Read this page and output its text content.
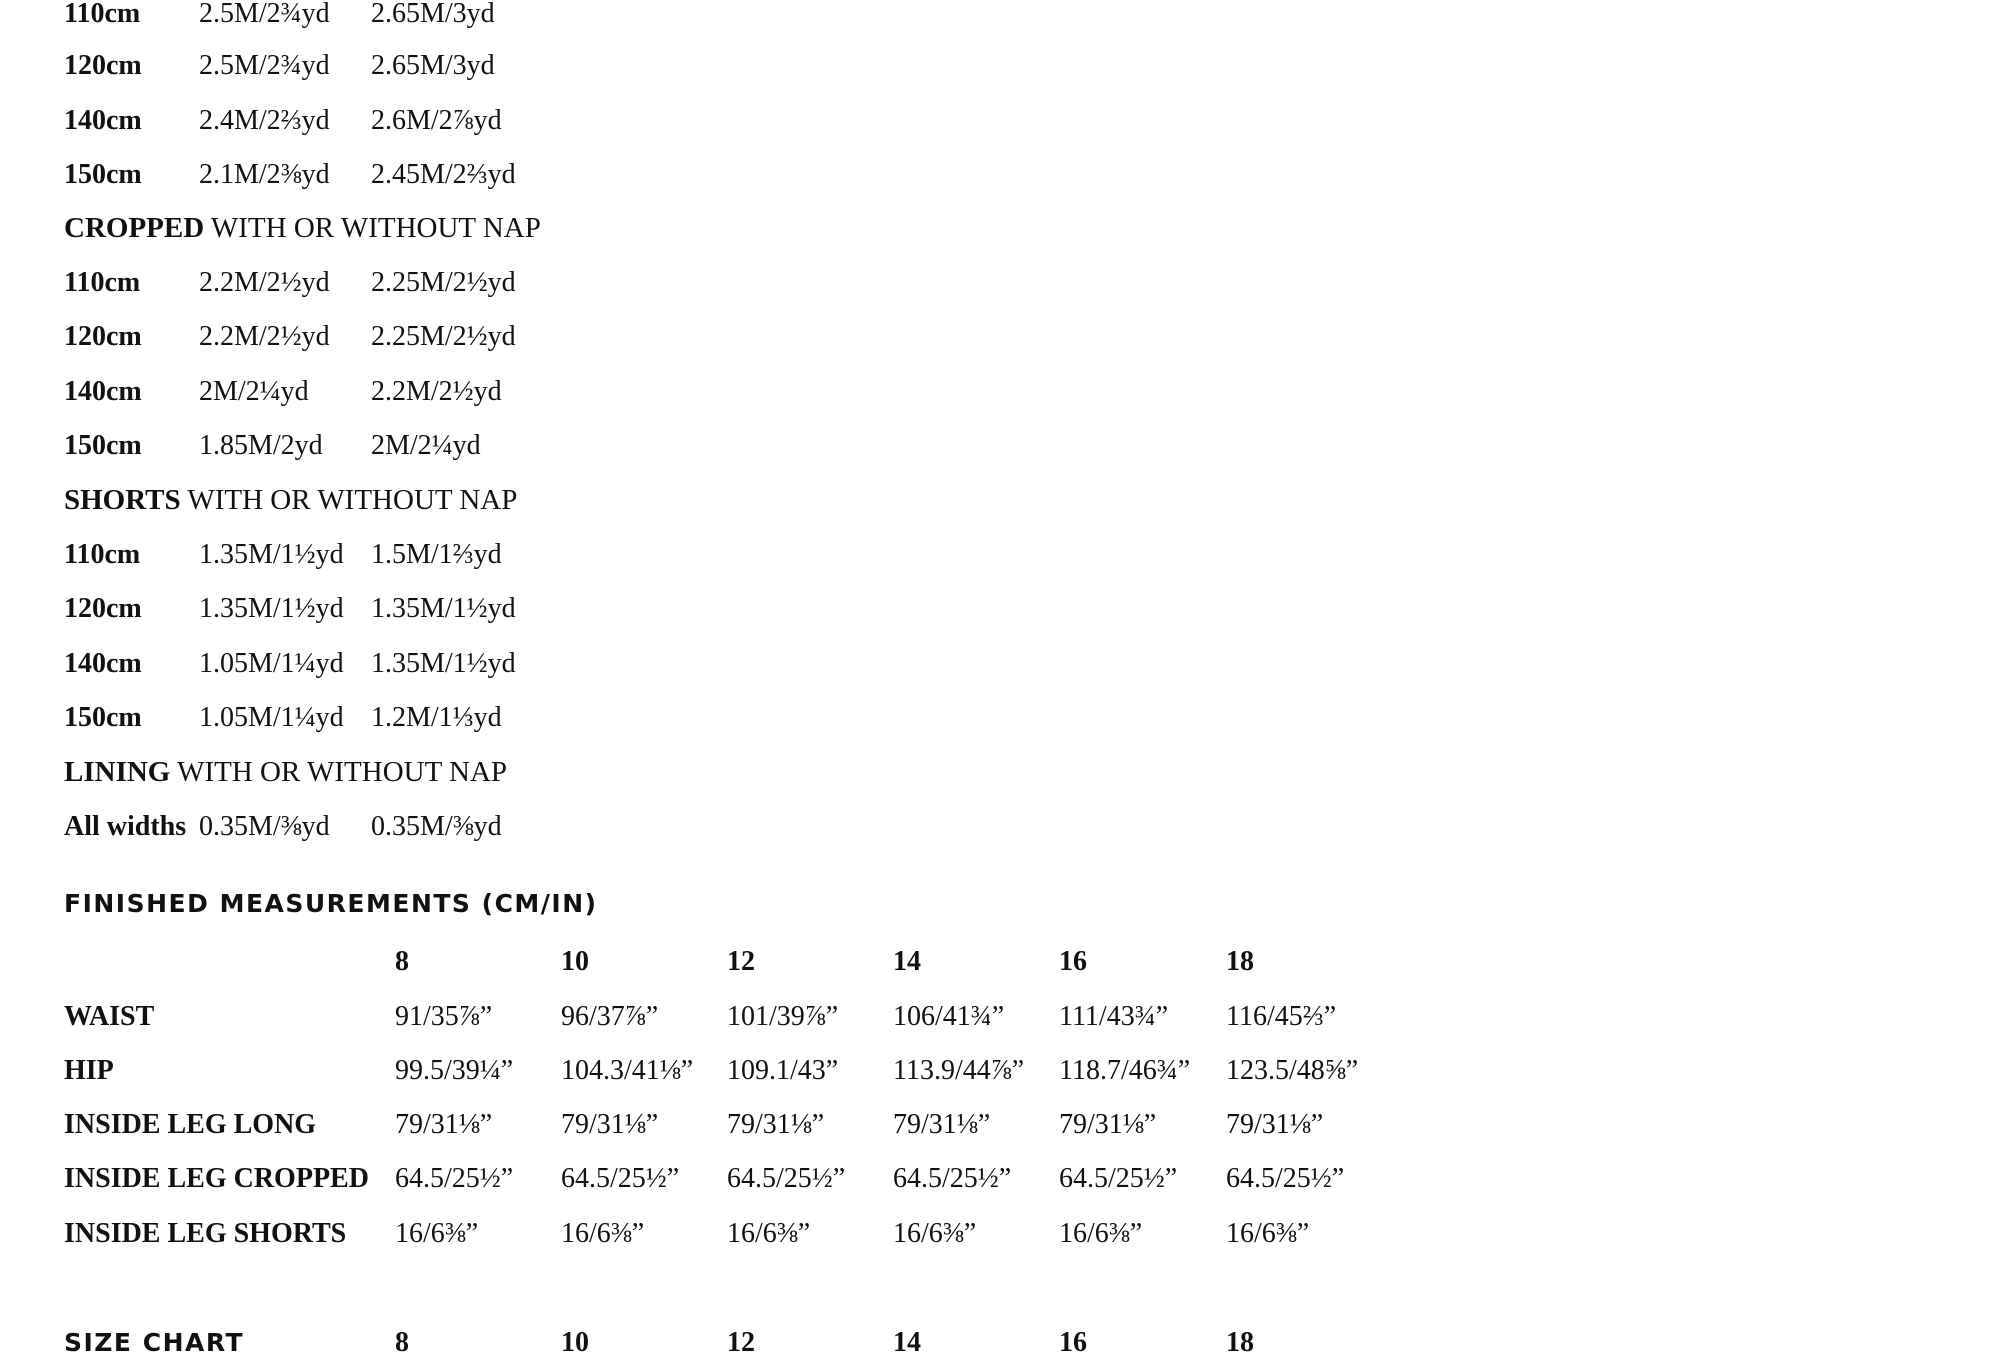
110cm 2.5M/2¾yd 2.65M/3yd
120cm 2.5M/2¾yd 2.65M/3yd
140cm 2.4M/2⅔yd 2.6M/2⅞yd
150cm 2.1M/2⅜yd 2.45M/2⅔yd
CROPPED WITH OR WITHOUT NAP
110cm 2.2M/2½yd 2.25M/2½yd
120cm 2.2M/2½yd 2.25M/2½yd
140cm 2M/2¼yd 2.2M/2½yd
150cm 1.85M/2yd 2M/2¼yd
SHORTS WITH OR WITHOUT NAP
110cm 1.35M/1½yd 1.5M/1⅔yd
120cm 1.35M/1½yd 1.35M/1½yd
140cm 1.05M/1¼yd 1.35M/1½yd
150cm 1.05M/1¼yd 1.2M/1⅓yd
LINING WITH OR WITHOUT NAP
All widths 0.35M/⅜yd 0.35M/⅜yd
FINISHED MEASUREMENTS (CM/IN)
8	10	12	14	16	18
WAIST	91/35⅞” 96/37⅞” 101/39⅞” 106/41¾” 111/43¾” 116/45⅔”
HIP	99.5/39¼” 104.3/41⅛” 109.1/43” 113.9/44⅞” 118.7/46¾” 123.5/48⅝”
INSIDE LEG LONG	79/31⅛” 79/31⅛” 79/31⅛” 79/31⅛” 79/31⅛” 79/31⅛”
INSIDE LEG CROPPED 64.5/25½” 64.5/25½” 64.5/25½” 64.5/25½” 64.5/25½” 64.5/25½”
INSIDE LEG SHORTS 16/6⅜”	16/6⅜”	16/6⅜”	16/6⅜”	16/6⅜”	16/6⅜”
SIZE CHART	8	10	12	14	16	18
